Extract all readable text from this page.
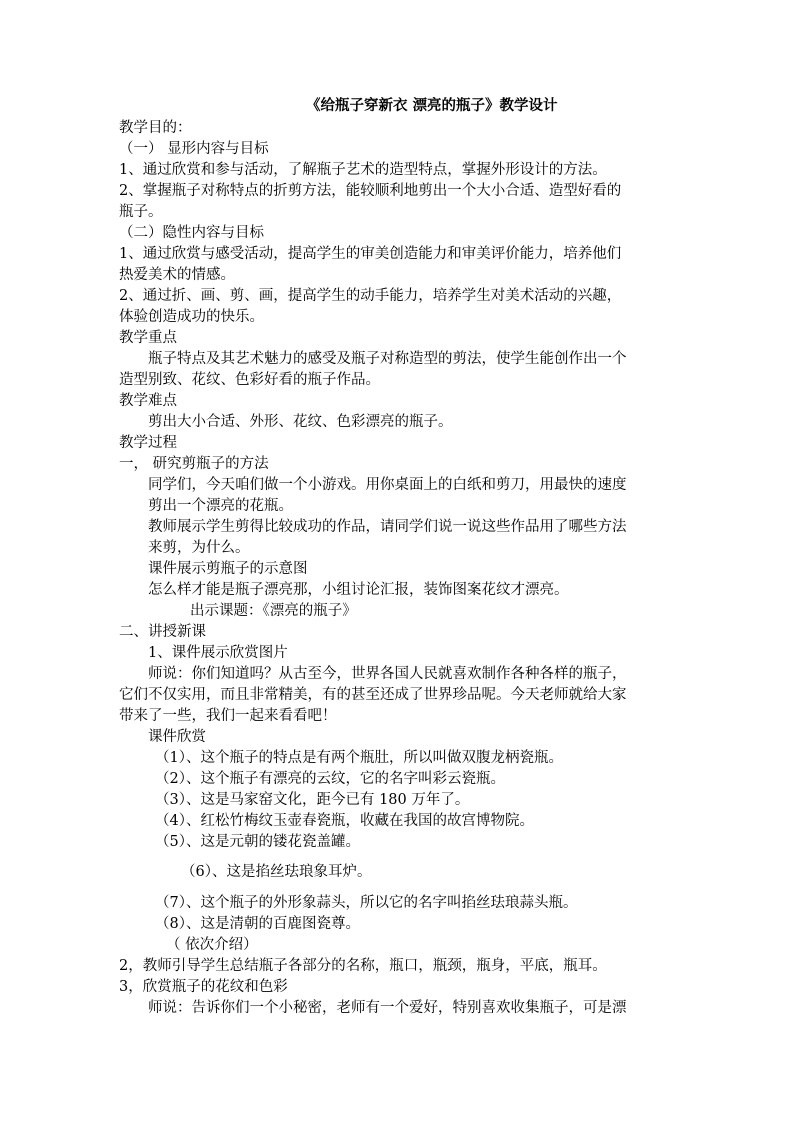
《给瓶子穿新衣 漂亮的瓶子》教学设计
教学目的：
（一） 显形内容与目标
1、通过欣赏和参与活动，了解瓶子艺术的造型特点，掌握外形设计的方法。
2、掌握瓶子对称特点的折剪方法，能较顺利地剪出一个大小合适、造型好看的
瓶子。
（二）隐性内容与目标
1、通过欣赏与感受活动，提高学生的审美创造能力和审美评价能力，培养他们
热爱美术的情感。
2、通过折、画、剪、画，提高学生的动手能力，培养学生对美术活动的兴趣，
体验创造成功的快乐。
教学重点
瓶子特点及其艺术魅力的感受及瓶子对称造型的剪法，使学生能创作出一个
造型别致、花纹、色彩好看的瓶子作品。
教学难点
剪出大小合适、外形、花纹、色彩漂亮的瓶子。
教学过程
一， 研究剪瓶子的方法
同学们，今天咱们做一个小游戏。用你桌面上的白纸和剪刀，用最快的速度
剪出一个漂亮的花瓶。
教师展示学生剪得比较成功的作品，请同学们说一说这些作品用了哪些方法
来剪，为什么。
课件展示剪瓶子的示意图
怎么样才能是瓶子漂亮那，小组讨论汇报，装饰图案花纹才漂亮。
出示课题：《漂亮的瓶子》
二、讲授新课
1、课件展示欣赏图片
师说：你们知道吗？从古至今，世界各国人民就喜欢制作各种各样的瓶子，
它们不仅实用，而且非常精美，有的甚至还成了世界珍品呢。今天老师就给大家
带来了一些，我们一起来看看吧！
课件欣赏
（1）、这个瓶子的特点是有两个瓶肚，所以叫做双腹龙柄瓷瓶。
（2）、这个瓶子有漂亮的云纹，它的名字叫彩云瓷瓶。
（3）、这是马家窑文化，距今已有 180 万年了。
（4）、红松竹梅纹玉壶春瓷瓶，收藏在我国的故宫博物院。
（5）、这是元朝的镂花瓷盖罐。
（6）、这是掐丝珐琅象耳炉。
（7）、这个瓶子的外形象蒜头，所以它的名字叫掐丝珐琅蒜头瓶。
（8）、这是清朝的百鹿图瓷尊。
（ 依次介绍）
2，教师引导学生总结瓶子各部分的名称，瓶口，瓶颈，瓶身，平底，瓶耳。
3，欣赏瓶子的花纹和色彩
师说：告诉你们一个小秘密，老师有一个爱好，特别喜欢收集瓶子，可是漂
